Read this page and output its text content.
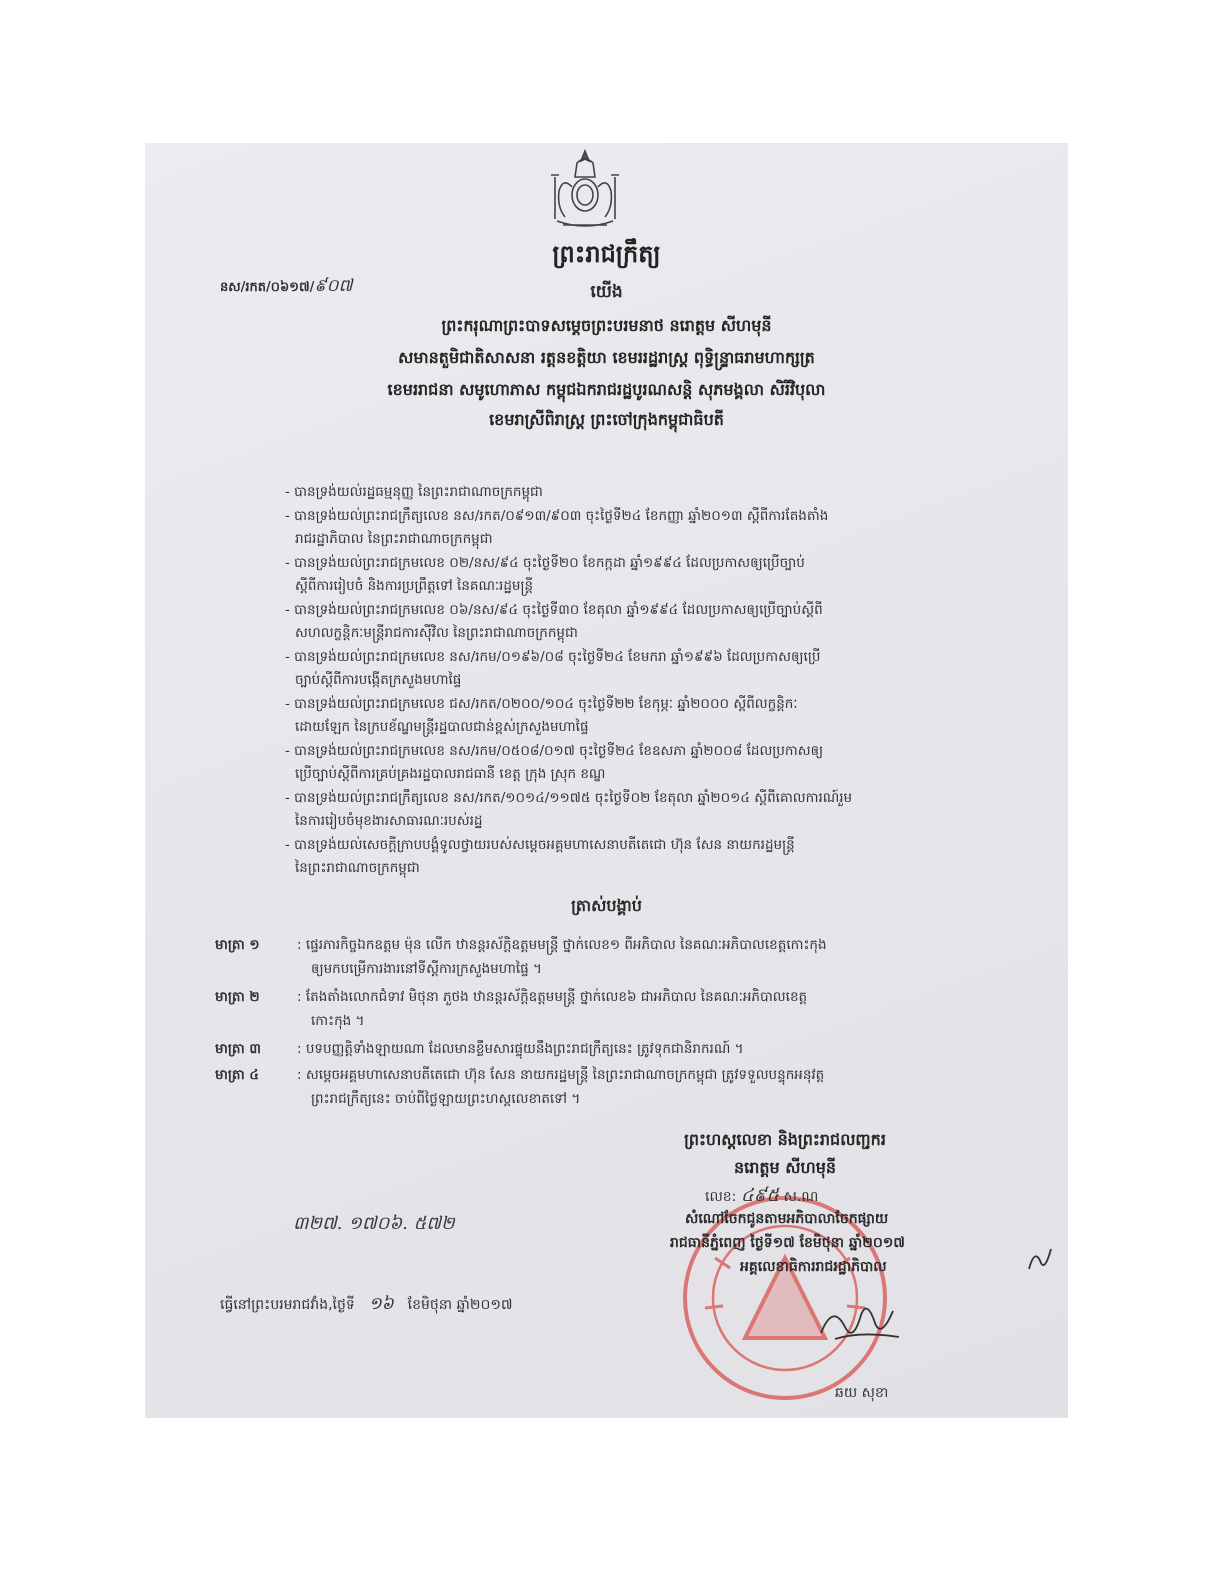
ព្រះរាជក្រឹត្យ
នស/រកត/០៦១៧/៩០៧	យើង
ព្រះករុណាព្រះបាទសម្តេចព្រះបរមនាថ នរោត្តម សីហមុនី
សមានតួមិជាតិសាសនា រត្តនខត្តិយា ខេមររដ្ឋរាស្ត្រ ពុទ្ធិន្ទ្រាធរាមហាក្សត្រ
ខេមររាជនា សមូហោភាស កម្ពុជឯករាជរដ្ឋបូរណសន្តិ សុភមង្គលា សិរីវិបុលា
ខេមរាស្រីពិរាស្ត្រ ព្រះចៅក្រុងកម្ពុជាធិបតី
- បានទ្រង់យល់រដ្ឋធម្មនុញ្ញ នៃព្រះរាជាណាចក្រកម្ពុជា
- បានទ្រង់យល់ព្រះរាជក្រឹត្យលេខ នស/រកត/០៩១៣/៩០៣ ចុះថ្ងៃទី២៤ ខែកញ្ញា ឆ្នាំ២០១៣ ស្តីពីការតែងតាំង
រាជរដ្ឋាភិបាល នៃព្រះរាជាណាចក្រកម្ពុជា
- បានទ្រង់យល់ព្រះរាជក្រមលេខ ០២/នស/៩៤ ចុះថ្ងៃទី២០ ខែកក្កដា ឆ្នាំ១៩៩៤ ដែលប្រកាសឲ្យប្រើច្បាប់
ស្តីពីការរៀបចំ និងការប្រព្រឹត្តទៅ នៃគណៈរដ្ឋមន្ត្រី
- បានទ្រង់យល់ព្រះរាជក្រមលេខ ០៦/នស/៩៤ ចុះថ្ងៃទី៣០ ខែតុលា ឆ្នាំ១៩៩៤ ដែលប្រកាសឲ្យប្រើច្បាប់ស្តីពី
សហលក្ខន្តិកៈមន្ត្រីរាជការស៊ីវិល នៃព្រះរាជាណាចក្រកម្ពុជា
- បានទ្រង់យល់ព្រះរាជក្រមលេខ នស/រកម/០១៩៦/០៨ ចុះថ្ងៃទី២៤ ខែមករា ឆ្នាំ១៩៩៦ ដែលប្រកាសឲ្យប្រើ
ច្បាប់ស្តីពីការបង្កើតក្រសួងមហាផ្ទៃ
- បានទ្រង់យល់ព្រះរាជក្រមលេខ ជស/រកត/០២០០/១០៤ ចុះថ្ងៃទី២២ ខែកុម្ភៈ ឆ្នាំ២០០០ ស្តីពីលក្ខន្តិកៈ
ដោយឡែក នៃក្របខ័ណ្ឌមន្ត្រីរដ្ឋបាលជាន់ខ្ពស់ក្រសួងមហាផ្ទៃ
- បានទ្រង់យល់ព្រះរាជក្រមលេខ នស/រកម/០៥០៨/០១៧ ចុះថ្ងៃទី២៤ ខែឧសភា ឆ្នាំ២០០៨ ដែលប្រកាសឲ្យ
ប្រើច្បាប់ស្តីពីការគ្រប់គ្រងរដ្ឋបាលរាជធានី ខេត្ត ក្រុង ស្រុក ខណ្ឌ
- បានទ្រង់យល់ព្រះរាជក្រឹត្យលេខ នស/រកត/១០១៤/១១៧៥ ចុះថ្ងៃទី០២ ខែតុលា ឆ្នាំ២០១៤ ស្តីពីគោលការណ៍រួម
នៃការរៀបចំមុខងារសាធារណៈរបស់រដ្ឋ
- បានទ្រង់យល់សេចក្តីក្រាបបង្គំទូលថ្វាយរបស់សម្តេចអគ្គមហាសេនាបតីតេជោ ហ៊ុន សែន នាយករដ្ឋមន្ត្រី
នៃព្រះរាជាណាចក្រកម្ពុជា
ត្រាស់បង្គាប់
មាត្រា ១	: ផ្ទេរភារកិច្ចឯកឧត្តម ម៉ុន លើក ឋានន្តរស័ក្តិឧត្តមមន្ត្រី ថ្នាក់លេខ១ ពីអភិបាល នៃគណៈអភិបាលខេត្តកោះកុង
ឲ្យមកបម្រើការងារនៅទីស្តីការក្រសួងមហាផ្ទៃ ។
មាត្រា ២	: តែងតាំងលោកជំទាវ មិថុនា ភួថង ឋានន្តរស័ក្តិឧត្តមមន្ត្រី ថ្នាក់លេខ៦ ជាអភិបាល នៃគណៈអភិបាលខេត្ត
កោះកុង ។
មាត្រា ៣	: បទបញ្ញត្តិទាំងឡាយណា ដែលមានខ្លឹមសារផ្ទុយនឹងព្រះរាជក្រឹត្យនេះ ត្រូវទុកជានិរាករណ៍ ។
មាត្រា ៤	: សម្តេចអគ្គមហាសេនាបតីតេជោ ហ៊ុន សែន នាយករដ្ឋមន្ត្រី នៃព្រះរាជាណាចក្រកម្ពុជា ត្រូវទទួលបន្ទុកអនុវត្ត
ព្រះរាជក្រឹត្យនេះ ចាប់ពីថ្ងៃឡាយព្រះហស្តលេខាតទៅ ។
ព្រះហស្តលេខា និងព្រះរាជលញ្ជករ
នរោត្តម សីហមុនី
៣២៧. ១៧០៦. ៥៧២
លេខ: ៤៩៥ ស.ណ
សំណៅចែកជូនតាមអភិបាលាចែកផ្សាយ
រាជធានីភ្នំពេញ ថ្ងៃទី១៧ ខែមិថុនា ឆ្នាំ២០១៧
អគ្គលេខាធិការរាជរដ្ឋាភិបាល
ធ្វើនៅព្រះបរមរាជវាំង,ថ្ងៃទី ១៦ ខែមិថុនា ឆ្នាំ២០១៧
ឆយ សុខា
